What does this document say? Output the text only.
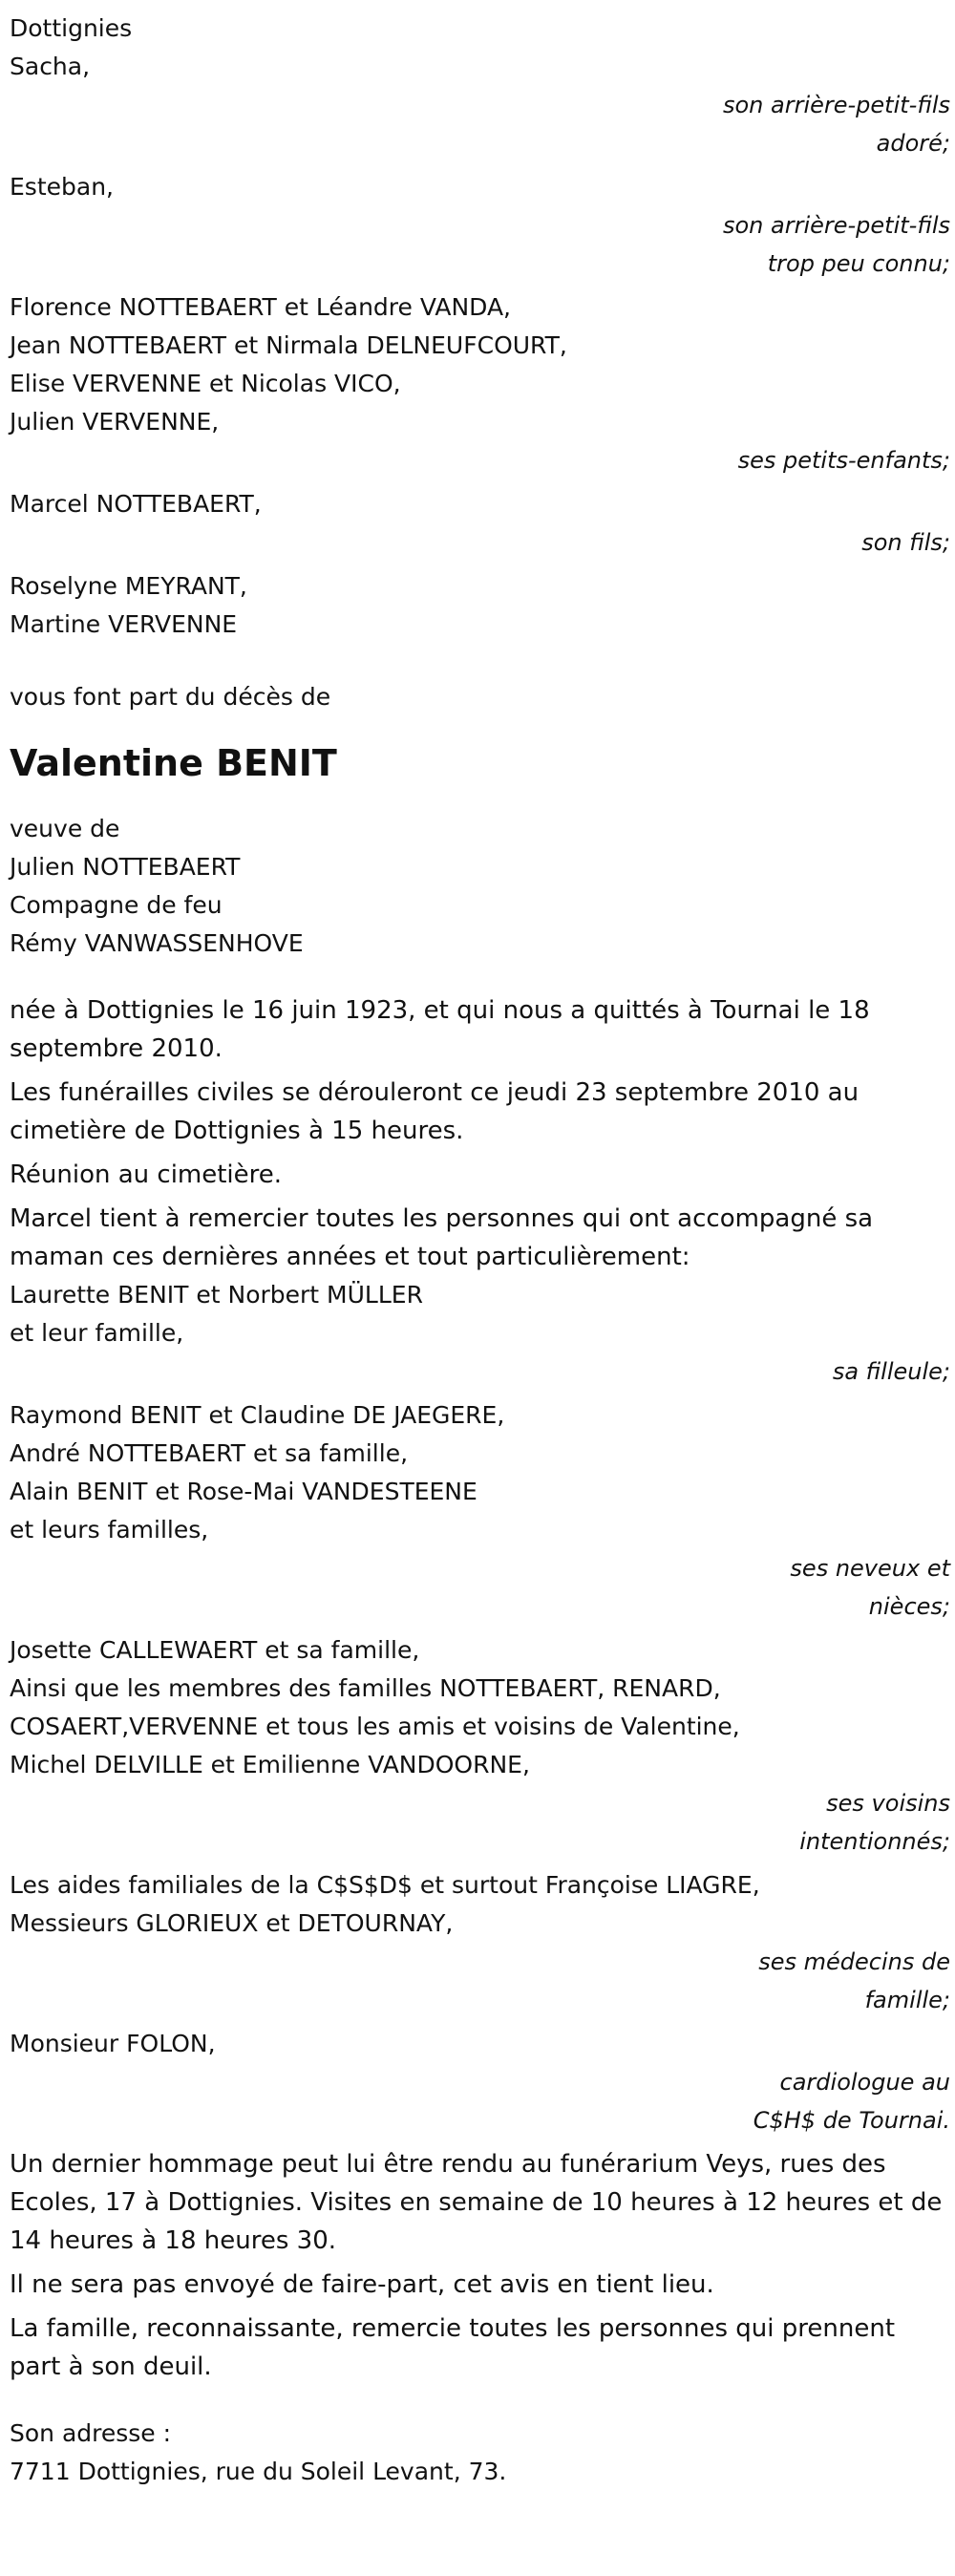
Dottignies
Sacha,
son arrière-petit-fils
adoré;
Esteban,
son arrière-petit-fils
trop peu connu;
Florence NOTTEBAERT et Léandre VANDA,
Jean NOTTEBAERT et Nirmala DELNEUFCOURT,
Elise VERVENNE et Nicolas VICO,
Julien VERVENNE,
ses petits-enfants;
Marcel NOTTEBAERT,
son fils;
Roselyne MEYRANT,
Martine VERVENNE
vous font part du décès de
Valentine BENIT
veuve de
Julien NOTTEBAERT
Compagne de feu
Rémy VANWASSENHOVE
née à Dottignies le 16 juin 1923, et qui nous a quittés à Tournai le 18 septembre 2010.
Les funérailles civiles se dérouleront ce jeudi 23 septembre 2010 au cimetière de Dottignies à 15 heures.
Réunion au cimetière.
Marcel tient à remercier toutes les personnes qui ont accompagné sa maman ces dernières années et tout particulièrement:
Laurette BENIT et Norbert MÜLLER
et leur famille,
sa filleule;
Raymond BENIT et Claudine DE JAEGERE,
André NOTTEBAERT et sa famille,
Alain BENIT et Rose-Mai VANDESTEENE
et leurs familles,
ses neveux et
nièces;
Josette CALLEWAERT et sa famille,
Ainsi que les membres des familles NOTTEBAERT, RENARD,
COSAERT,VERVENNE et tous les amis et voisins de Valentine,
Michel DELVILLE et Emilienne VANDOORNE,
ses voisins
intentionnés;
Les aides familiales de la C$S$D$ et surtout Françoise LIAGRE,
Messieurs GLORIEUX et DETOURNAY,
ses médecins de
famille;
Monsieur FOLON,
cardiologue au
C$H$ de Tournai.
Un dernier hommage peut lui être rendu au funérarium Veys, rues des Ecoles, 17 à Dottignies. Visites en semaine de 10 heures à 12 heures et de 14 heures à 18 heures 30.
Il ne sera pas envoyé de faire-part, cet avis en tient lieu.
La famille, reconnaissante, remercie toutes les personnes qui prennent part à son deuil.
Son adresse :
7711 Dottignies, rue du Soleil Levant, 73.
